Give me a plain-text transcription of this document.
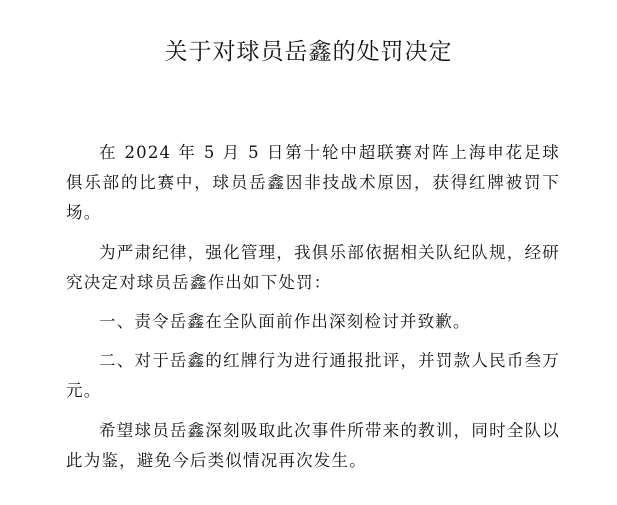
关于对球员岳鑫的处罚决定

在 2024 年 5 月 5 日第十轮中超联赛对阵上海申花足球俱乐部的比赛中，球员岳鑫因非技战术原因，获得红牌被罚下场。

为严肃纪律，强化管理，我俱乐部依据相关队纪队规，经研究决定对球员岳鑫作出如下处罚：

一、责令岳鑫在全队面前作出深刻检讨并致歉。

二、对于岳鑫的红牌行为进行通报批评，并罚款人民币叁万元。

希望球员岳鑫深刻吸取此次事件所带来的教训，同时全队以此为鉴，避免今后类似情况再次发生。
